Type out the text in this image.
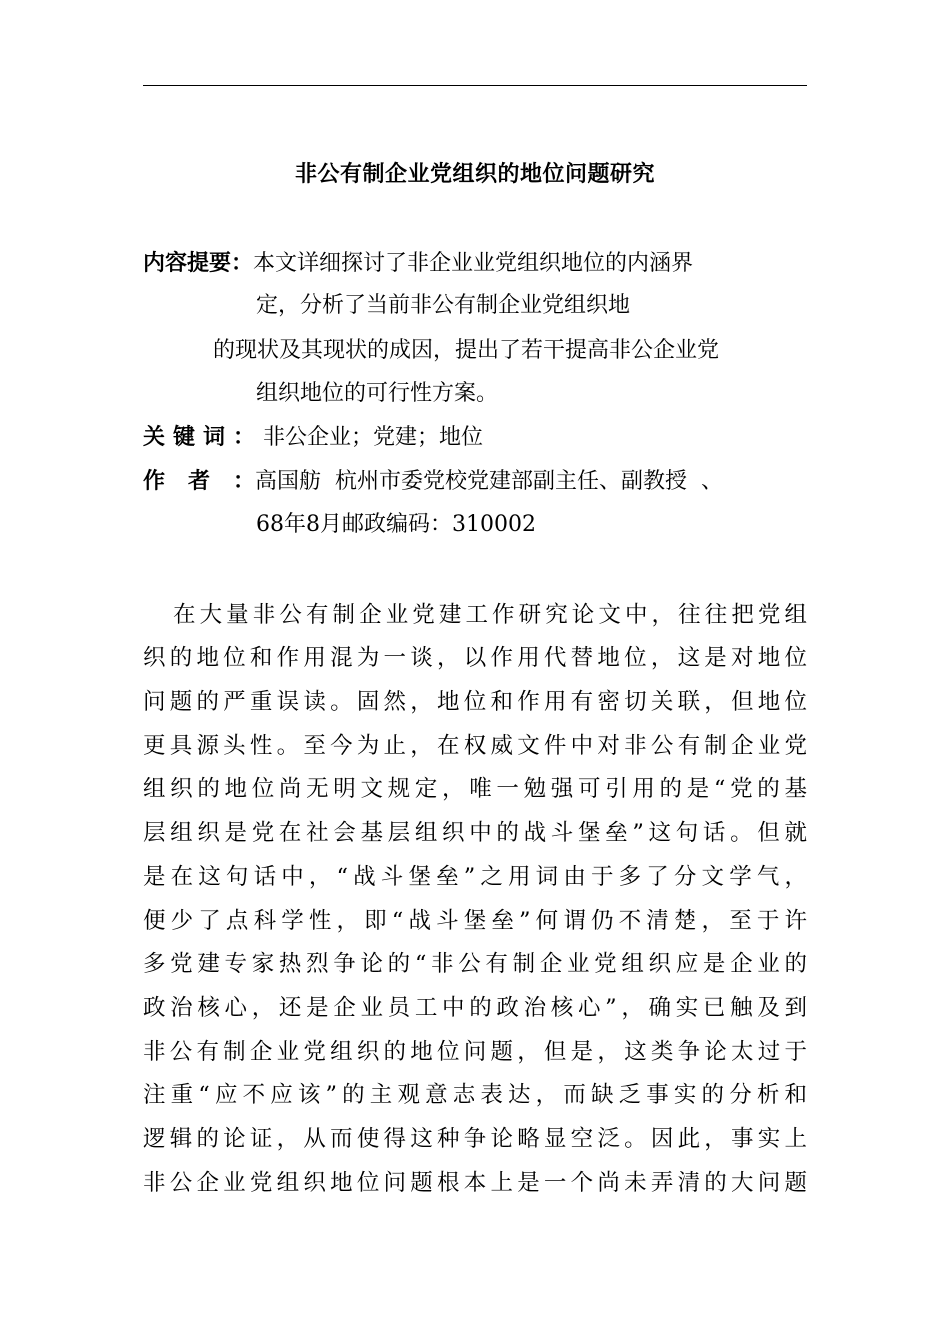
非公有制企业党组织的地位问题研究
内容提要：本文详细探讨了非企业业党组织地位的内涵界
定，分析了当前非公有制企业党组织地
的现状及其现状的成因，提出了若干提高非公企业党
组织地位的可行性方案。
关键词：非公企业；党建；地位
作者：高国舫  杭州市委党校党建部副主任、副教授  、
68年8月邮政编码：310002
在大量非公有制企业党建工作研究论文中，往往把党组
织的地位和作用混为一谈，以作用代替地位，这是对地位
问题的严重误读。固然，地位和作用有密切关联，但地位
更具源头性。至今为止，在权威文件中对非公有制企业党
组织的地位尚无明文规定，唯一勉强可引用的是“党的基
层组织是党在社会基层组织中的战斗堡垒”这句话。但就
是在这句话中，“战斗堡垒”之用词由于多了分文学气，
便少了点科学性，即“战斗堡垒”何谓仍不清楚，至于许
多党建专家热烈争论的“非公有制企业党组织应是企业的
政治核心，还是企业员工中的政治核心”，确实已触及到
非公有制企业党组织的地位问题，但是，这类争论太过于
注重“应不应该”的主观意志表达，而缺乏事实的分析和
逻辑的论证，从而使得这种争论略显空泛。因此，事实上
非公企业党组织地位问题根本上是一个尚未弄清的大问题
